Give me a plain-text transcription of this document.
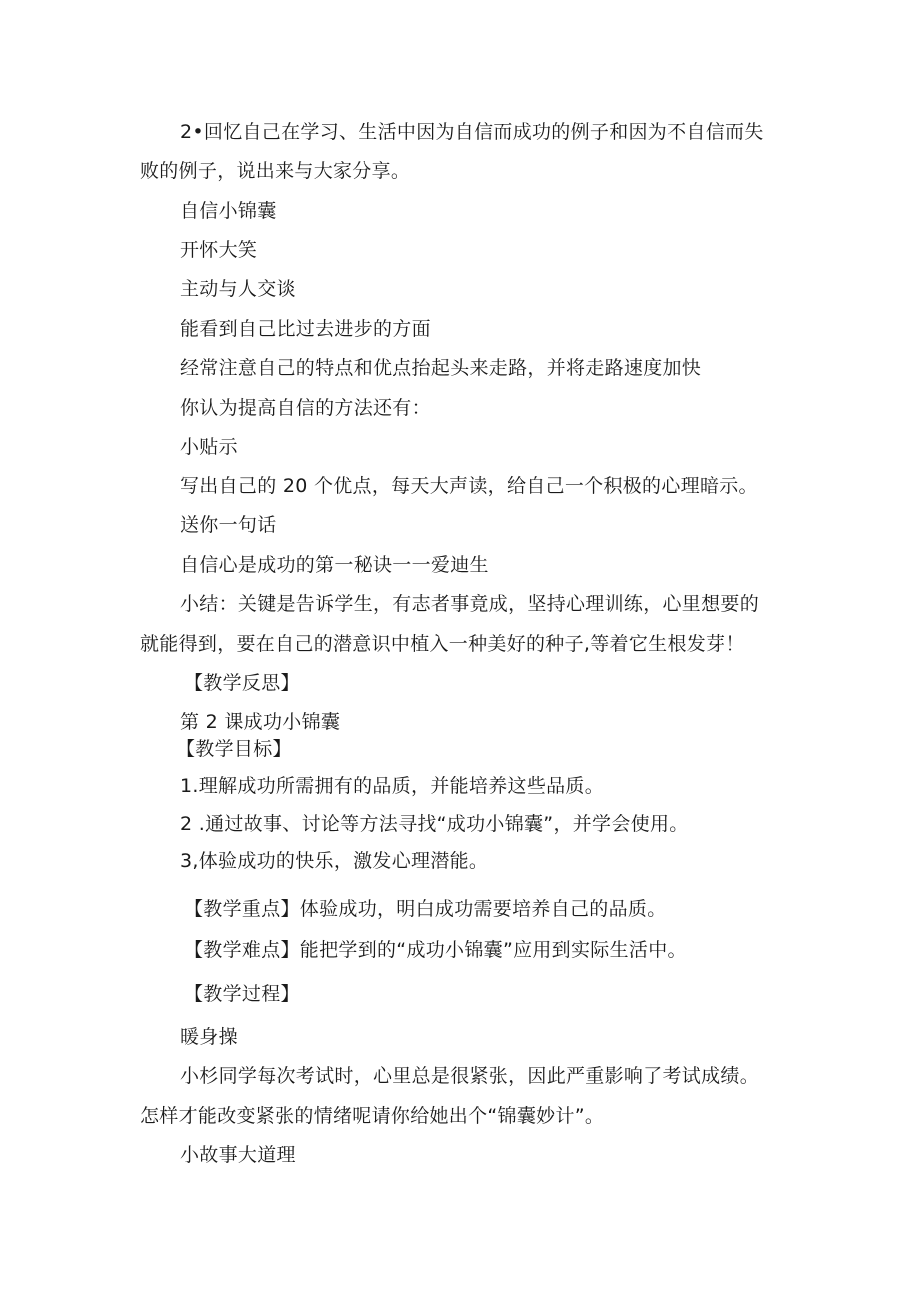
2•回忆自己在学习、生活中因为自信而成功的例子和因为不自信而失
败的例子，说出来与大家分享。
自信小锦囊
开怀大笑
主动与人交谈
能看到自己比过去进步的方面
经常注意自己的特点和优点抬起头来走路，并将走路速度加快
你认为提高自信的方法还有：
小贴示
写出自己的 20 个优点，每天大声读，给自己一个积极的心理暗示。
送你一句话
自信心是成功的第一秘诀一一爱迪生
小结：关键是告诉学生，有志者事竟成，坚持心理训练，心里想要的
就能得到，要在自己的潜意识中植入一种美好的种子,等着它生根发芽！
【教学反思】
第 2 课成功小锦囊
【教学目标】
1.理解成功所需拥有的品质，并能培养这些品质。
2 .通过故事、讨论等方法寻找“成功小锦囊”，并学会使用。
3,体验成功的快乐，激发心理潜能。
【教学重点】体验成功，明白成功需要培养自己的品质。
【教学难点】能把学到的“成功小锦囊”应用到实际生活中。
【教学过程】
暖身操
小杉同学每次考试时，心里总是很紧张，因此严重影响了考试成绩。
怎样才能改变紧张的情绪呢请你给她出个“锦囊妙计”。
小故事大道理
